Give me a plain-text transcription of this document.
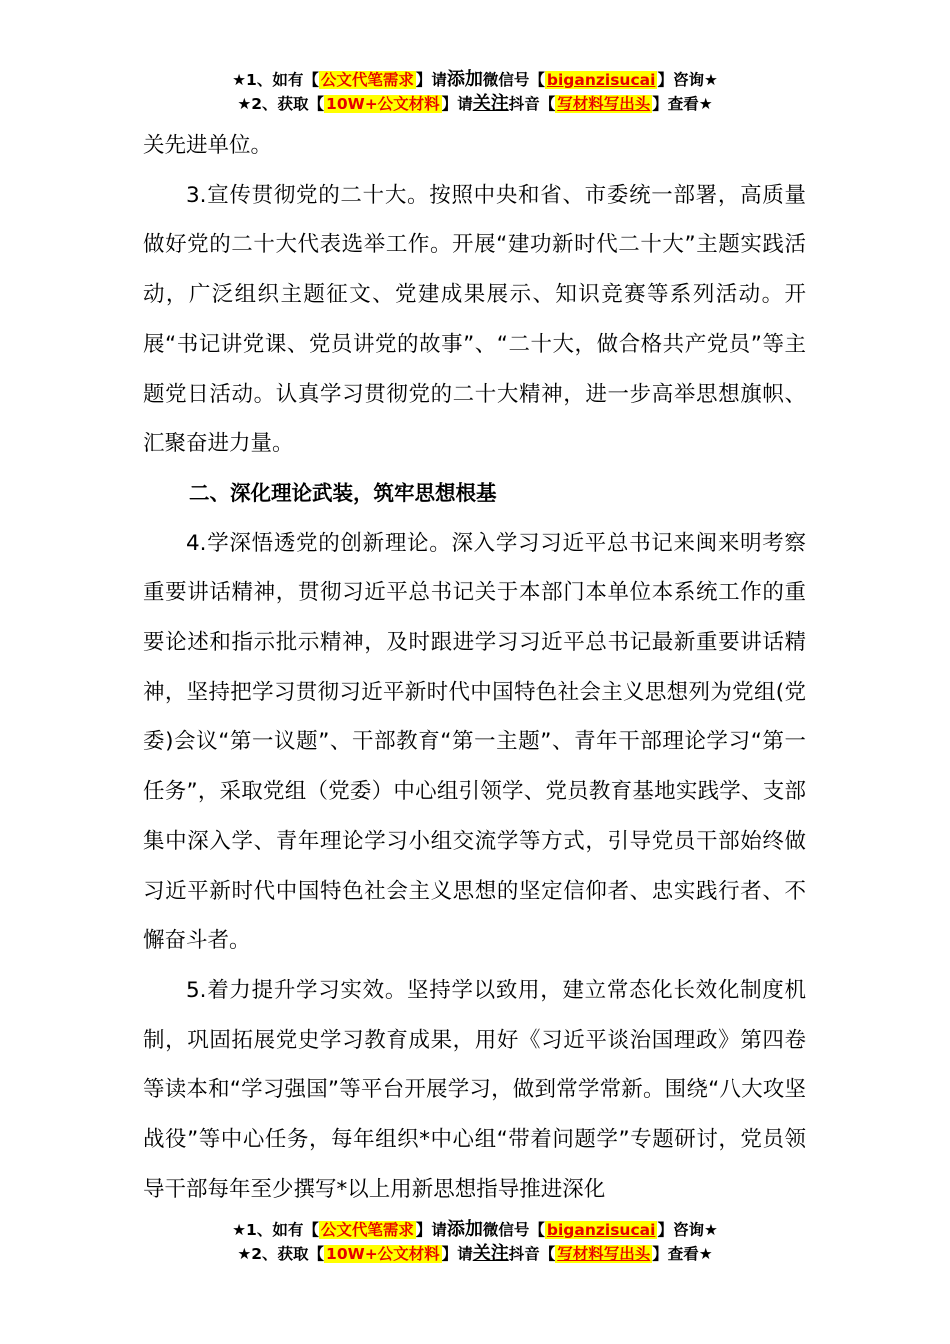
★1、如有【 公文代笔需求 】请添加微信号【 biganzisucai 】咨询★
★2、获取【 10W+公文材料 】请关注抖音【 写材料写出头 】查看★

关先进单位。

3.宣传贯彻党的二十大。按照中央和省、市委统一部署，高质量做好党的二十大代表选举工作。开展“建功新时代二十大”主题实践活动，广泛组织主题征文、党建成果展示、知识竞赛等系列活动。开展“书记讲党课、党员讲党的故事”、“二十大，做合格共产党员”等主题党日活动。认真学习贯彻党的二十大精神，进一步高举思想旗帜、汇聚奋进力量。

二、深化理论武装，筑牢思想根基

4.学深悟透党的创新理论。深入学习习近平总书记来闽来明考察重要讲话精神，贯彻习近平总书记关于本部门本单位本系统工作的重要论述和指示批示精神，及时跟进学习习近平总书记最新重要讲话精神，坚持把学习贯彻习近平新时代中国特色社会主义思想列为党组(党委)会议“第一议题”、干部教育“第一主题”、青年干部理论学习“第一任务”，采取党组（党委）中心组引领学、党员教育基地实践学、支部集中深入学、青年理论学习小组交流学等方式，引导党员干部始终做习近平新时代中国特色社会主义思想的坚定信仰者、忠实践行者、不懈奋斗者。

5.着力提升学习实效。坚持学以致用，建立常态化长效化制度机制，巩固拓展党史学习教育成果，用好《习近平谈治国理政》第四卷等读本和“学习强国”等平台开展学习，做到常学常新。围绕“八大攻坚战役”等中心任务，每年组织*中心组“带着问题学”专题研讨，党员领导干部每年至少撰写*以上用新思想指导推进深化

★1、如有【 公文代笔需求 】请添加微信号【 biganzisucai 】咨询★
★2、获取【 10W+公文材料 】请关注抖音【 写材料写出头 】查看★
